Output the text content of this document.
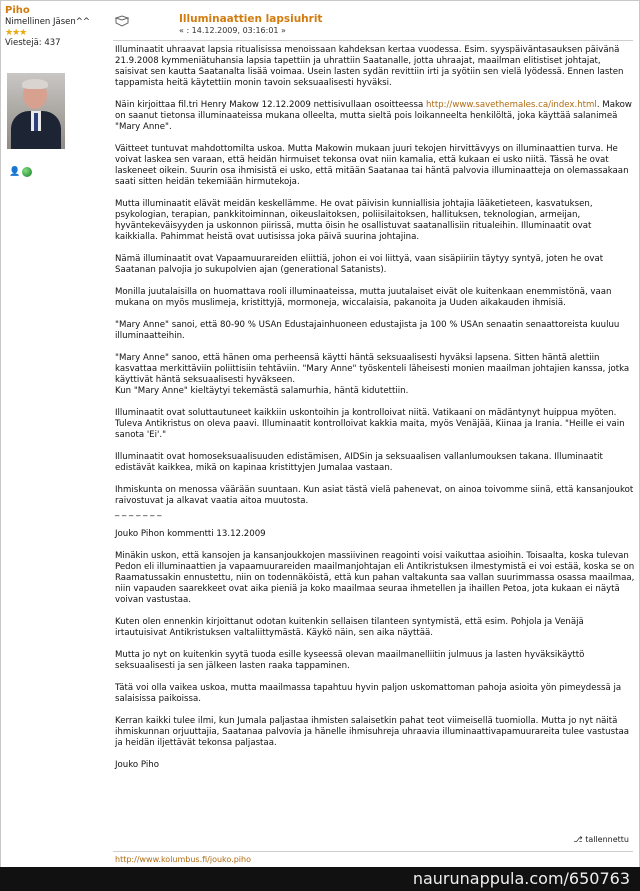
Piho
Nimellinen Jäsen^^
★★★
Viestejä: 437
👤
Illuminaattien lapsiuhrit
« : 14.12.2009, 03:16:01 »

Illuminaatit uhraavat lapsia ritualisissa menoissaan kahdeksan kertaa vuodessa. Esim. syyspäiväntasauksen päivänä 21.9.2008 kymmeniätuhansia lapsia tapettiin ja uhrattiin Saatanalle, jotta uhraajat, maailman elitistiset johtajat, saisivat sen kautta Saatanalta lisää voimaa. Usein lasten sydän revittiin irti ja syötiin sen vielä lyödessä. Ennen lasten tappamista heitä käytettiin monin tavoin seksuaalisesti hyväksi.

Näin kirjoittaa fil.tri Henry Makow 12.12.2009 nettisivullaan osoitteessa http://www.savethemales.ca/index.html. Makow on saanut tietonsa illuminaateissa mukana olleelta, mutta sieltä pois loikanneelta henkilöltä, joka käyttää salanimeä "Mary Anne".

Väitteet tuntuvat mahdottomilta uskoa. Mutta Makowin mukaan juuri tekojen hirvittävyys on illuminaattien turva. He voivat laskea sen varaan, että heidän hirmuiset tekonsa ovat niin kamalia, että kukaan ei usko niitä. Tässä he ovat laskeneet oikein. Suurin osa ihmisistä ei usko, että mitään Saatanaa tai häntä palvovia illuminaatteja on olemassakaan saati sitten heidän tekemiään hirmutekoja.

Mutta illuminaatit elävät meidän keskellämme. He ovat päivisin kunniallisia johtajia lääketieteen, kasvatuksen, psykologian, terapian, pankkitoiminnan, oikeuslaitoksen, poliisilaitoksen, hallituksen, teknologian, armeijan, hyväntekeväisyyden ja uskonnon piirissä, mutta öisin he osallistuvat saatanallisiin ritualeihin. Illuminaatit ovat kaikkialla. Pahimmat heistä ovat uutisissa joka päivä suurina johtajina.

Nämä illuminaatit ovat Vapaamuurareiden eliittiä, johon ei voi liittyä, vaan sisäpiiriin täytyy syntyä, joten he ovat Saatanan palvojia jo sukupolvien ajan (generational Satanists).

Monilla juutalaisilla on huomattava rooli illuminaateissa, mutta juutalaiset eivät ole kuitenkaan enemmistönä, vaan mukana on myös muslimeja, kristittyjä, mormoneja, wiccalaisia, pakanoita ja Uuden aikakauden ihmisiä.

"Mary Anne" sanoi, että 80-90 % USAn Edustajainhuoneen edustajista ja 100 % USAn senaatin senaattoreista kuuluu illuminaatteihin.

"Mary Anne" sanoo, että hänen oma perheensä käytti häntä seksuaalisesti hyväksi lapsena. Sitten häntä alettiin kasvattaa merkittäviin poliittisiin tehtäviin. "Mary Anne" työskenteli läheisesti monien maailman johtajien kanssa, jotka käyttivät häntä seksuaalisesti hyväkseen.
Kun "Mary Anne" kieltäytyi tekemästä salamurhia, häntä kidutettiin.

Illuminaatit ovat soluttautuneet kaikkiin uskontoihin ja kontrolloivat niitä. Vatikaani on mädäntynyt huippua myöten. Tuleva Antikristus on oleva paavi. Illuminaatit kontrolloivat kakkia maita, myös Venäjää, Kiinaa ja Irania. "Heille ei vain sanota 'Ei'."

Illuminaatit ovat homoseksuaalisuuden edistämisen, AIDSin ja seksuaalisen vallanlumouksen takana. Illuminaatit edistävät kaikkea, mikä on kapinaa kristittyjen Jumalaa vastaan.

Ihmiskunta on menossa väärään suuntaan. Kun asiat tästä vielä pahenevat, on ainoa toivomme siinä, että kansanjoukot raivostuvat ja alkavat vaatia aitoa muutosta.
_ _ _ _ _ _ _

Jouko Pihon kommentti 13.12.2009

Minäkin uskon, että kansojen ja kansanjoukkojen massiivinen reagointi voisi vaikuttaa asioihin. Toisaalta, koska tulevan Pedon eli illuminaattien ja vapaamuurareiden maailmanjohtajan eli Antikristuksen ilmestymistä ei voi estää, koska se on Raamatussakin ennustettu, niin on todennäköistä, että kun pahan valtakunta saa vallan suurimmassa osassa maailmaa, niin vapauden saarekkeet ovat aika pieniä ja koko maailmaa seuraa ihmetellen ja ihaillen Petoa, jota kukaan ei näytä voivan vastustaa.

Kuten olen ennenkin kirjoittanut odotan kuitenkin sellaisen tilanteen syntymistä, että esim. Pohjola ja Venäjä irtautuisivat Antikristuksen valtaliittymästä. Käykö näin, sen aika näyttää.

Mutta jo nyt on kuitenkin syytä tuoda esille kyseessä olevan maailmanelliitin julmuus ja lasten hyväksikäyttö seksuaalisesti ja sen jälkeen lasten raaka tappaminen.

Tätä voi olla vaikea uskoa, mutta maailmassa tapahtuu hyvin paljon uskomattoman pahoja asioita yön pimeydessä ja salaisissa paikoissa.

Kerran kaikki tulee ilmi, kun Jumala paljastaa ihmisten salaisetkin pahat teot viimeisellä tuomiolla. Mutta jo nyt näitä ihmiskunnan orjuuttajia, Saatanaa palvovia ja hänelle ihmisuhreja uhraavia illuminaattivapamuurareita tulee vastustaa ja heidän iljettävät tekonsa paljastaa.

Jouko Piho

⎇ tallennettu
http://www.kolumbus.fi/jouko.piho
naurunappula.com/650763
